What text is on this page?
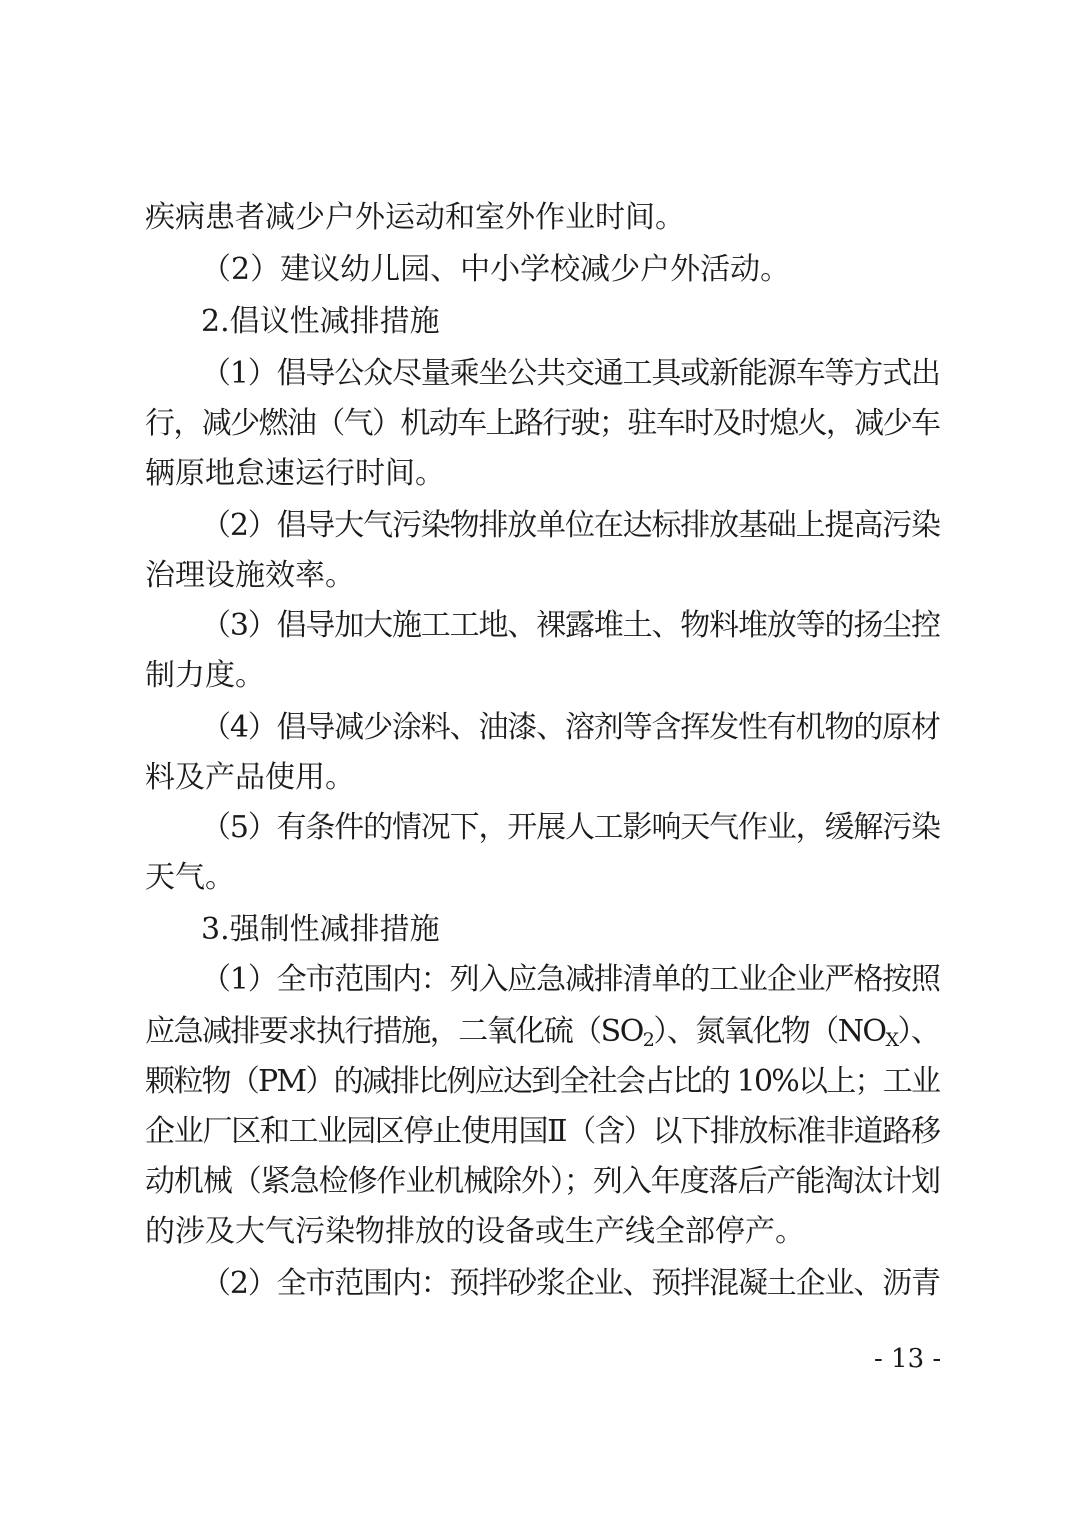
疾病患者减少户外运动和室外作业时间。
（2）建议幼儿园、中小学校减少户外活动。
2.倡议性减排措施
（1）倡导公众尽量乘坐公共交通工具或新能源车等方式出
行，减少燃油（气）机动车上路行驶；驻车时及时熄火，减少车
辆原地怠速运行时间。
（2）倡导大气污染物排放单位在达标排放基础上提高污染
治理设施效率。
（3）倡导加大施工工地、裸露堆土、物料堆放等的扬尘控
制力度。
（4）倡导减少涂料、油漆、溶剂等含挥发性有机物的原材
料及产品使用。
（5）有条件的情况下，开展人工影响天气作业，缓解污染
天气。
3.强制性减排措施
（1）全市范围内：列入应急减排清单的工业企业严格按照
应急减排要求执行措施，二氧化硫$(SO_2)$、氮氧化物$(NO_X)$、
颗粒物（PM）的减排比例应达到全社会占比的 10%以上；工业
企业厂区和工业园区停止使用国Ⅱ（含）以下排放标准非道路移
动机械（紧急检修作业机械除外）；列入年度落后产能淘汰计划
的涉及大气污染物排放的设备或生产线全部停产。
（2）全市范围内：预拌砂浆企业、预拌混凝土企业、沥青
- 13 -
